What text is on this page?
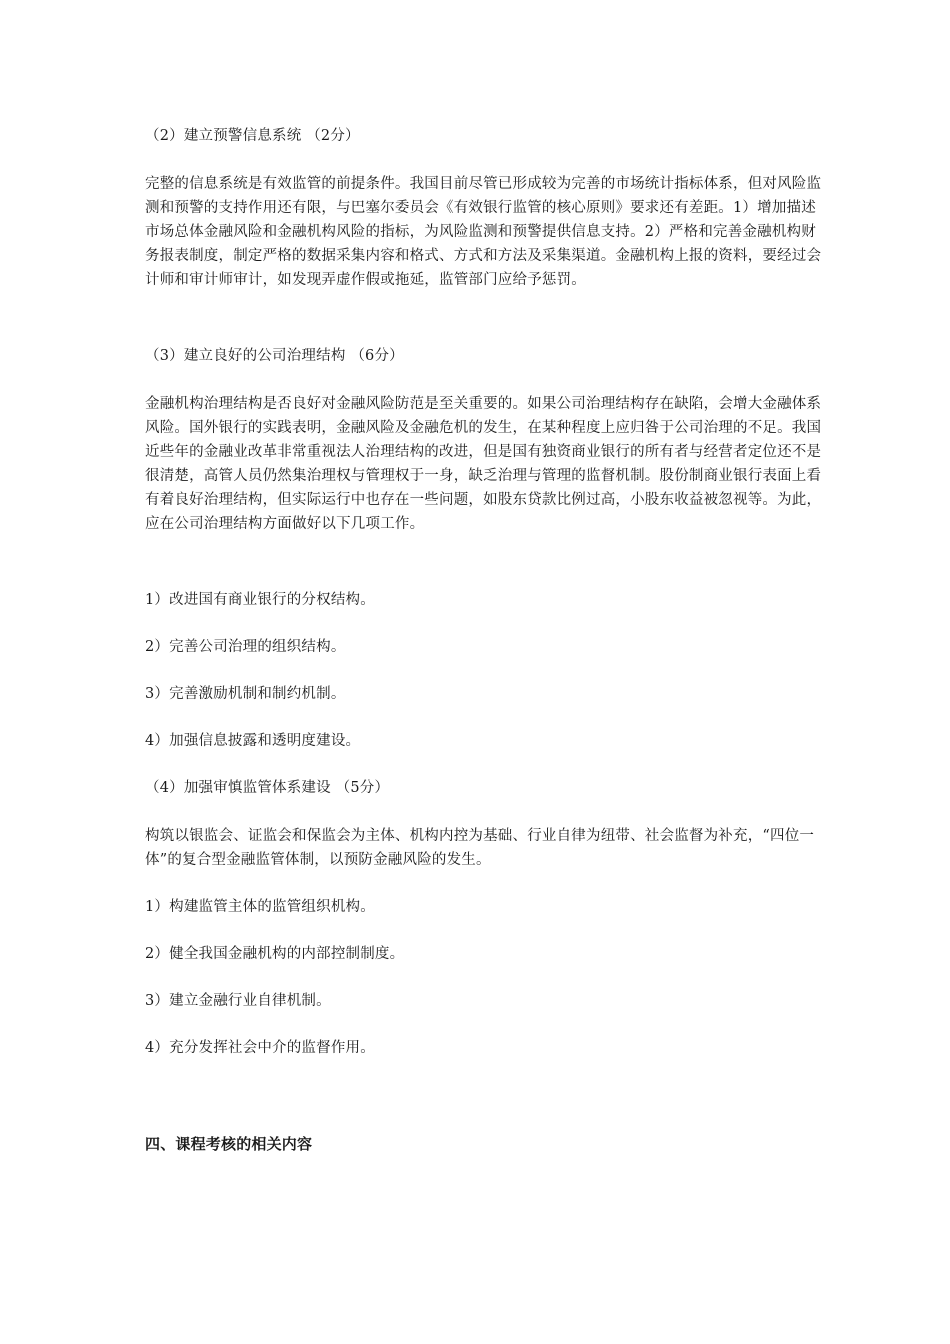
（2）建立预警信息系统 （2分）

完整的信息系统是有效监管的前提条件。我国目前尽管已形成较为完善的市场统计指标体系，但对风险监测和预警的支持作用还有限，与巴塞尔委员会《有效银行监管的核心原则》要求还有差距。1）增加描述市场总体金融风险和金融机构风险的指标，为风险监测和预警提供信息支持。2）严格和完善金融机构财务报表制度，制定严格的数据采集内容和格式、方式和方法及采集渠道。金融机构上报的资料，要经过会计师和审计师审计，如发现弄虚作假或拖延，监管部门应给予惩罚。

（3）建立良好的公司治理结构 （6分）

金融机构治理结构是否良好对金融风险防范是至关重要的。如果公司治理结构存在缺陷，会增大金融体系风险。国外银行的实践表明，金融风险及金融危机的发生，在某种程度上应归咎于公司治理的不足。我国近些年的金融业改革非常重视法人治理结构的改进，但是国有独资商业银行的所有者与经营者定位还不是很清楚，高管人员仍然集治理权与管理权于一身，缺乏治理与管理的监督机制。股份制商业银行表面上看有着良好治理结构，但实际运行中也存在一些问题，如股东贷款比例过高，小股东收益被忽视等。为此，应在公司治理结构方面做好以下几项工作。

1）改进国有商业银行的分权结构。

2）完善公司治理的组织结构。

3）完善激励机制和制约机制。

4）加强信息披露和透明度建设。

（4）加强审慎监管体系建设 （5分）

构筑以银监会、证监会和保监会为主体、机构内控为基础、行业自律为纽带、社会监督为补充，“四位一体”的复合型金融监管体制，以预防金融风险的发生。

1）构建监管主体的监管组织机构。

2）健全我国金融机构的内部控制制度。

3）建立金融行业自律机制。

4）充分发挥社会中介的监督作用。

四、课程考核的相关内容
